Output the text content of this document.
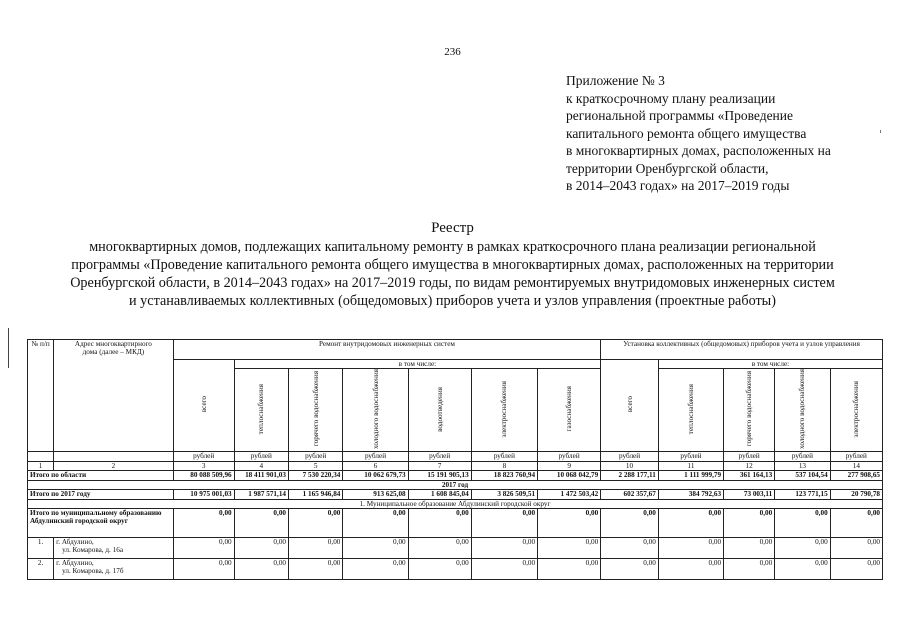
236
Приложение № 3
к краткосрочному плану реализации
региональной программы «Проведение
капитального ремонта общего имущества
в многоквартирных домах, расположенных на
территории Оренбургской области,
в 2014–2043 годах» на 2017–2019 годы
Реестр
многоквартирных домов, подлежащих капитальному ремонту в рамках краткосрочного плана реализации региональной
программы «Проведение капитального ремонта общего имущества в многоквартирных домах, расположенных на территории
Оренбургской области, в 2014–2043 годах» на 2017–2019 годы, по видам ремонтируемых внутридомовых инженерных систем
и устанавливаемых коллективных (общедомовых) приборов учета и узлов управления (проектные работы)
№ п/п	Адрес многоквартирного дома (далее – МКД)	Ремонт внутридомовых инженерных систем							Установка коллективных (общедомовых) приборов учета и узлов управления				
		всего	в том числе:						всего	в том числе:			
			теплоснабжения	горячего водоснабжения	холодного водоснабжения	водоотведения	электроснабжения	газоснабжения		теплоснабжения	горячего водоснабжения	холодного водоснабжения	электроснабжения
		рублей	рублей	рублей	рублей	рублей	рублей	рублей	рублей	рублей	рублей	рублей	рублей
1	2	3	4	5	6	7	8	9	10	11	12	13	14
Итого по области		80 088 509,96	18 411 901,03	7 530 220,34	10 062 679,73	15 191 905,13	18 823 760,94	10 068 042,79	2 288 177,11	1 111 999,79	361 164,13	537 104,54	277 908,65
2017 год													
Итого по 2017 году		10 975 001,03	1 987 571,14	1 165 946,84	913 625,08	1 608 845,04	3 826 509,51	1 472 503,42	602 357,67	384 792,63	73 003,11	123 771,15	20 790,78
1. Муниципальное образование Абдулинский городской округ													
Итого по муниципальному образованию Абдулинский городской округ		0,00	0,00	0,00	0,00	0,00	0,00	0,00	0,00	0,00	0,00	0,00	0,00
1.	г. Абдулино,
ул. Комарова, д. 16а	0,00	0,00	0,00	0,00	0,00	0,00	0,00	0,00	0,00	0,00	0,00	0,00
2.	г. Абдулино,
ул. Комарова, д. 17б	0,00	0,00	0,00	0,00	0,00	0,00	0,00	0,00	0,00	0,00	0,00	0,00
